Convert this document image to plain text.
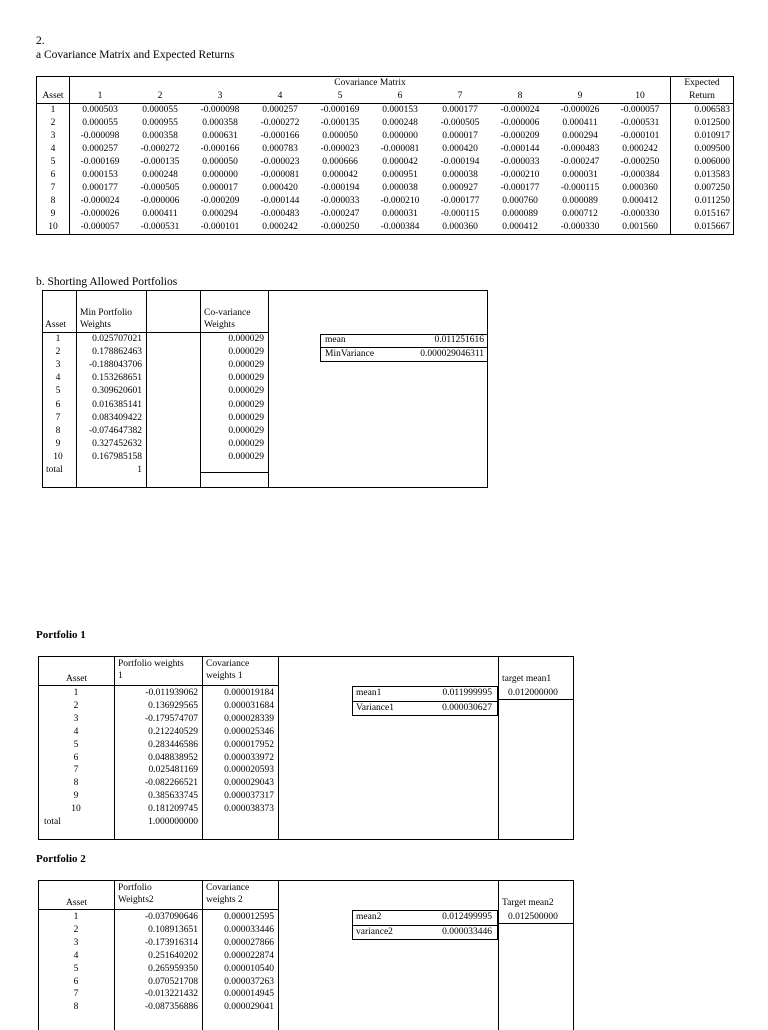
2.
a Covariance Matrix and Expected Returns
	Covariance Matrix										Expected
Asset	1	2	3	4	5	6	7	8	9	10	Return
1	0.000503	0.000055	-0.000098	0.000257	-0.000169	0.000153	0.000177	-0.000024	-0.000026	-0.000057	0.006583
2	0.000055	0.000955	0.000358	-0.000272	-0.000135	0.000248	-0.000505	-0.000006	0.000411	-0.000531	0.012500
3	-0.000098	0.000358	0.000631	-0.000166	0.000050	0.000000	0.000017	-0.000209	0.000294	-0.000101	0.010917
4	0.000257	-0.000272	-0.000166	0.000783	-0.000023	-0.000081	0.000420	-0.000144	-0.000483	0.000242	0.009500
5	-0.000169	-0.000135	0.000050	-0.000023	0.000666	0.000042	-0.000194	-0.000033	-0.000247	-0.000250	0.006000
6	0.000153	0.000248	0.000000	-0.000081	0.000042	0.000951	0.000038	-0.000210	0.000031	-0.000384	0.013583
7	0.000177	-0.000505	0.000017	0.000420	-0.000194	0.000038	0.000927	-0.000177	-0.000115	0.000360	0.007250
8	-0.000024	-0.000006	-0.000209	-0.000144	-0.000033	-0.000210	-0.000177	0.000760	0.000089	0.000412	0.011250
9	-0.000026	0.000411	0.000294	-0.000483	-0.000247	0.000031	-0.000115	0.000089	0.000712	-0.000330	0.015167
10	-0.000057	-0.000531	-0.000101	0.000242	-0.000250	-0.000384	0.000360	0.000412	-0.000330	0.001560	0.015667
b. Shorting Allowed Portfolios
Asset
Min Portfolio
Weights
Co-variance
Weights
1	0.025707021	0.000029
2	0.178862463	0.000029
3	-0.188043706	0.000029
4	0.153268651	0.000029
5	0.309620601	0.000029
6	0.016385141	0.000029
7	0.083409422	0.000029
8	-0.074647382	0.000029
9	0.327452632	0.000029
10	0.167985158	0.000029
total	1
mean	0.011251616
MinVariance	0.000029046311
Portfolio 1
Asset
Portfolio weights
1
Covariance
weights 1	target mean1
0.012000000
1	-0.011939062	0.000019184
2	0.136929565	0.000031684
3	-0.179574707	0.000028339
4	0.212240529	0.000025346
5	0.283446586	0.000017952
6	0.048838952	0.000033972
7	0.025481169	0.000020593
8	-0.082266521	0.000029043
9	0.385633745	0.000037317
10	0.181209745	0.000038373
total	1.000000000
mean1	0.011999995
Variance1	0.000030627
Portfolio 2
Asset
Portfolio
Weights2
Covariance
weights 2	Target mean2
0.012500000
1	-0.037090646	0.000012595
2	0.108913651	0.000033446
3	-0.173916314	0.000027866
4	0.251640202	0.000022874
5	0.265959350	0.000010540
6	0.070521708	0.000037263
7	-0.013221432	0.000014945
8	-0.087356886	0.000029041
mean2	0.012499995
variance2	0.000033446
